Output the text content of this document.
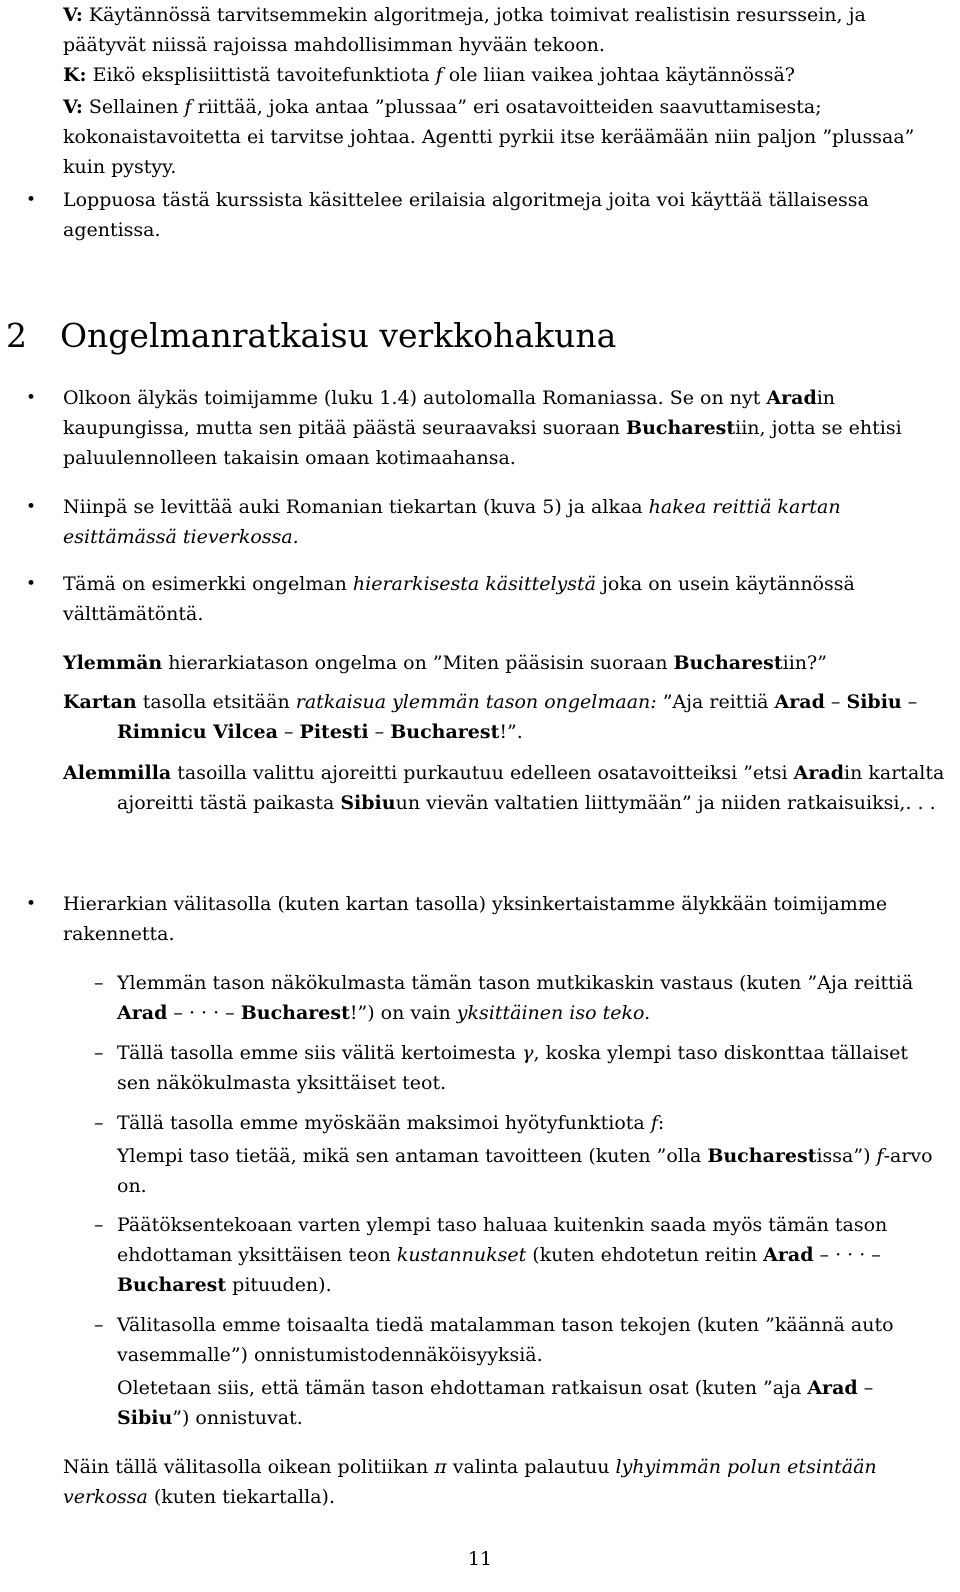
V: Käytännössä tarvitsemmekin algoritmeja, jotka toimivat realistisin resurssein, ja päätyvät niissä rajoissa mahdollisimman hyvään tekoon.
K: Eikö eksplisiittistä tavoitefunktiota f ole liian vaikea johtaa käytännössä?
V: Sellainen f riittää, joka antaa ”plussaa” eri osatavoitteiden saavuttamisesta; kokonaistavoitetta ei tarvitse johtaa. Agentti pyrkii itse keräämään niin paljon ”plussaa” kuin pystyy.
• Loppuosa tästä kurssista käsittelee erilaisia algoritmeja joita voi käyttää tällaisessa agentissa.
2 Ongelmanratkaisu verkkohakuna
• Olkoon älykäs toimijamme (luku 1.4) autolomalla Romaniassa. Se on nyt Aradin kaupungissa, mutta sen pitää päästä seuraavaksi suoraan Bucharestiin, jotta se ehtisi paluulennolleen takaisin omaan kotimaahansa.
• Niinpä se levittää auki Romanian tiekartan (kuva 5) ja alkaa hakea reittiä kartan esittämässä tieverkossa.
• Tämä on esimerkki ongelman hierarkisesta käsittelystä joka on usein käytännössä välttämätöntä.
Ylemmän hierarkiatason ongelma on ”Miten pääsisin suoraan Bucharestiin?”
Kartan tasolla etsitään ratkaisua ylemmän tason ongelmaan: ”Aja reittiä Arad – Sibiu – Rimnicu Vilcea – Pitesti – Bucharest!”.
Alemmilla tasoilla valittu ajoreitti purkautuu edelleen osatavoitteiksi ”etsi Aradin kartalta ajoreitti tästä paikasta Sibiuun vievän valtatien liittymään” ja niiden ratkaisuiksi,. . .
• Hierarkian välitasolla (kuten kartan tasolla) yksinkertaistamme älykkään toimijamme rakennetta.
– Ylemmän tason näkökulmasta tämän tason mutkikaskin vastaus (kuten ”Aja reittiä Arad – · · · – Bucharest!”) on vain yksittäinen iso teko.
– Tällä tasolla emme siis välitä kertoimesta γ, koska ylempi taso diskonttaa tällaiset sen näkökulmasta yksittäiset teot.
– Tällä tasolla emme myöskään maksimoi hyötyfunktiota f:
Ylempi taso tietää, mikä sen antaman tavoitteen (kuten ”olla Bucharestissa”) f-arvo on.
– Päätöksentekoaan varten ylempi taso haluaa kuitenkin saada myös tämän tason ehdottaman yksittäisen teon kustannukset (kuten ehdotetun reitin Arad – · · · – Bucharest pituuden).
– Välitasolla emme toisaalta tiedä matalamman tason tekojen (kuten ”käännä auto vasemmalle”) onnistumistodennäköisyyksiä.
Oletetaan siis, että tämän tason ehdottaman ratkaisun osat (kuten ”aja Arad – Sibiu”) onnistuvat.
Näin tällä välitasolla oikean politiikan π valinta palautuu lyhyimmän polun etsintään verkossa (kuten tiekartalla).
11
